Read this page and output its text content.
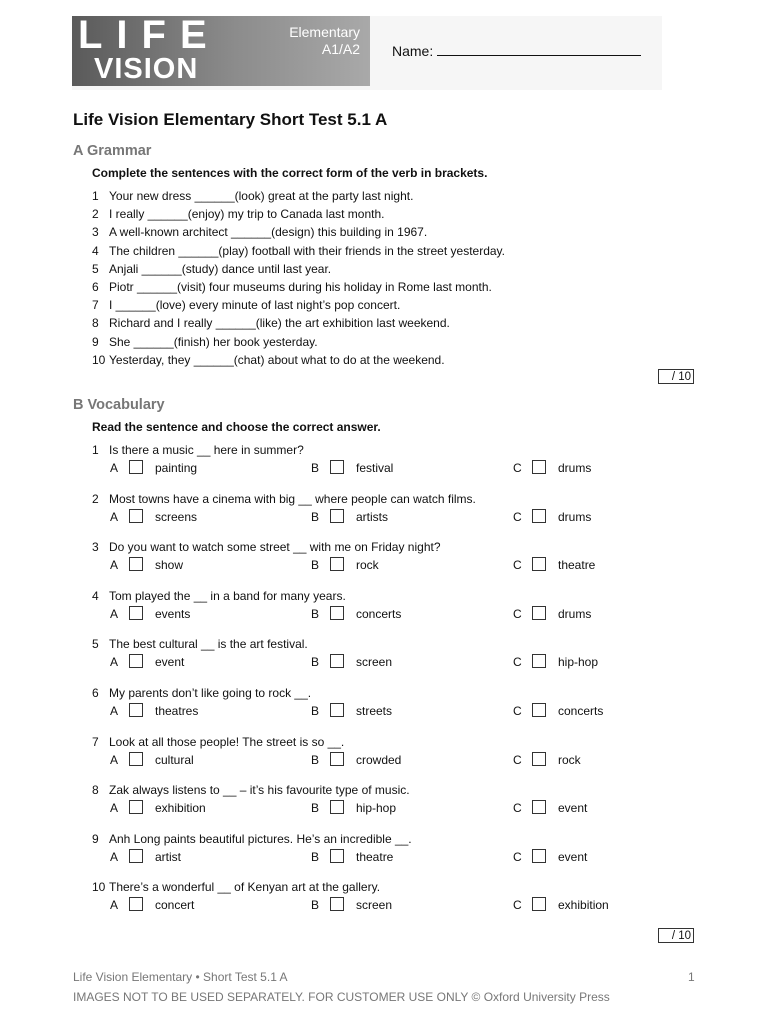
LIFE
VISION
Elementary
A1/A2 Name:
Life Vision Elementary Short Test 5.1 A
A Grammar
Complete the sentences with the correct form of the verb in brackets.
1 Your new dress ______(look) great at the party last night.
2 I really ______(enjoy) my trip to Canada last month.
3 A well-known architect ______(design) this building in 1967.
4 The children ______(play) football with their friends in the street yesterday.
5 Anjali ______(study) dance until last year.
6 Piotr ______(visit) four museums during his holiday in Rome last month.
7 I ______(love) every minute of last night’s pop concert.
8 Richard and I really ______(like) the art exhibition last weekend.
9 She ______(finish) her book yesterday.
10 Yesterday, they ______(chat) about what to do at the weekend.
/ 10
B Vocabulary
Read the sentence and choose the correct answer.
1 Is there a music __ here in summer?
A	painting	B	festival	C	drums
2 Most towns have a cinema with big __ where people can watch films.
A	screens	B	artists	C	drums
3 Do you want to watch some street __ with me on Friday night?
A	show	B	rock	C	theatre
4 Tom played the __ in a band for many years.
A	events	B	concerts	C	drums
5 The best cultural __ is the art festival.
A	event	B	screen	C	hip-hop
6 My parents don’t like going to rock __.
A	theatres	B	streets	C	concerts
7 Look at all those people! The street is so __.
A	cultural	B	crowded	C	rock
8 Zak always listens to __ – it’s his favourite type of music.
A	exhibition	B	hip-hop	C	event
9 Anh Long paints beautiful pictures. He’s an incredible __.
A	artist	B	theatre	C	event
10 There’s a wonderful __ of Kenyan art at the gallery.
A	concert	B	screen	C	exhibition
/ 10
Life Vision Elementary • Short Test 5.1 A	1
IMAGES NOT TO BE USED SEPARATELY. FOR CUSTOMER USE ONLY © Oxford University Press
